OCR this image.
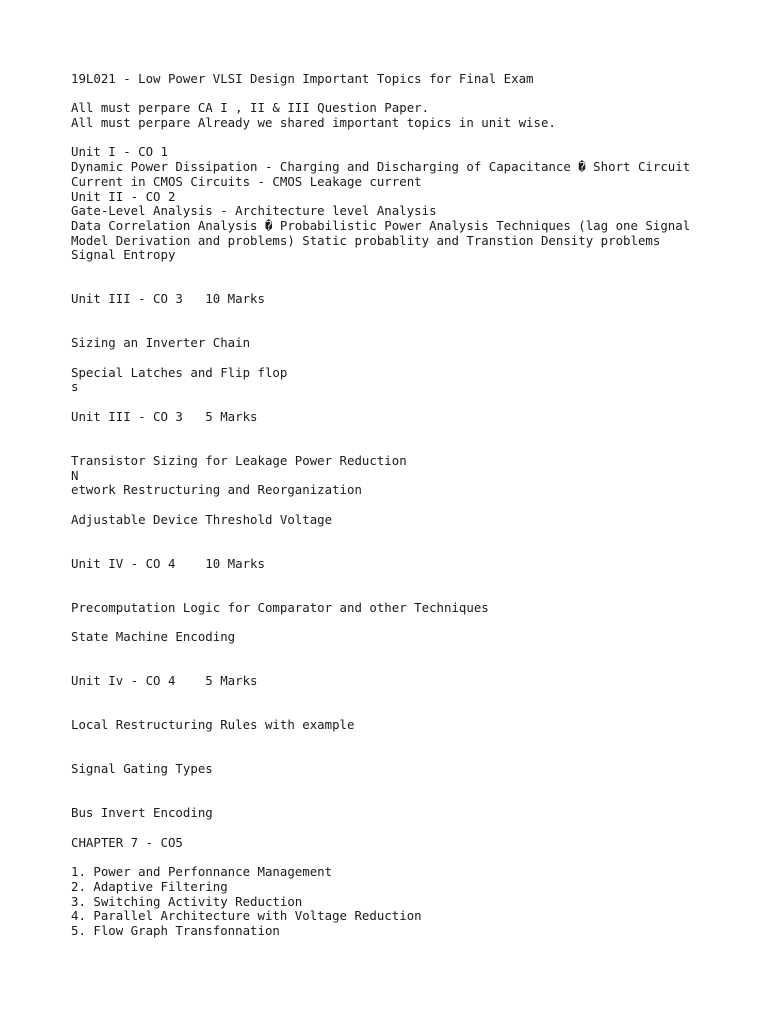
19L021 - Low Power VLSI Design Important Topics for Final Exam
All must perpare CA I , II & III Question Paper.
All must perpare Already we shared important topics in unit wise.
Unit I - CO 1
Dynamic Power Dissipation - Charging and Discharging of Capacitance � Short Circuit
Current in CMOS Circuits - CMOS Leakage current
Unit II - CO 2
Gate-Level Analysis - Architecture level Analysis
Data Correlation Analysis � Probabilistic Power Analysis Techniques (lag one Signal
Model Derivation and problems) Static probablity and Transtion Density problems
Signal Entropy
Unit III - CO 3   10 Marks
Sizing an Inverter Chain
Special Latches and Flip flop
s
Unit III - CO 3   5 Marks
Transistor Sizing for Leakage Power Reduction
N
etwork Restructuring and Reorganization
Adjustable Device Threshold Voltage
Unit IV - CO 4    10 Marks
Precomputation Logic for Comparator and other Techniques
State Machine Encoding
Unit Iv - CO 4    5 Marks
Local Restructuring Rules with example
Signal Gating Types
Bus Invert Encoding
CHAPTER 7 - CO5
1. Power and Perfonnance Management
2. Adaptive Filtering
3. Switching Activity Reduction
4. Parallel Architecture with Voltage Reduction
5. Flow Graph Transfonnation
